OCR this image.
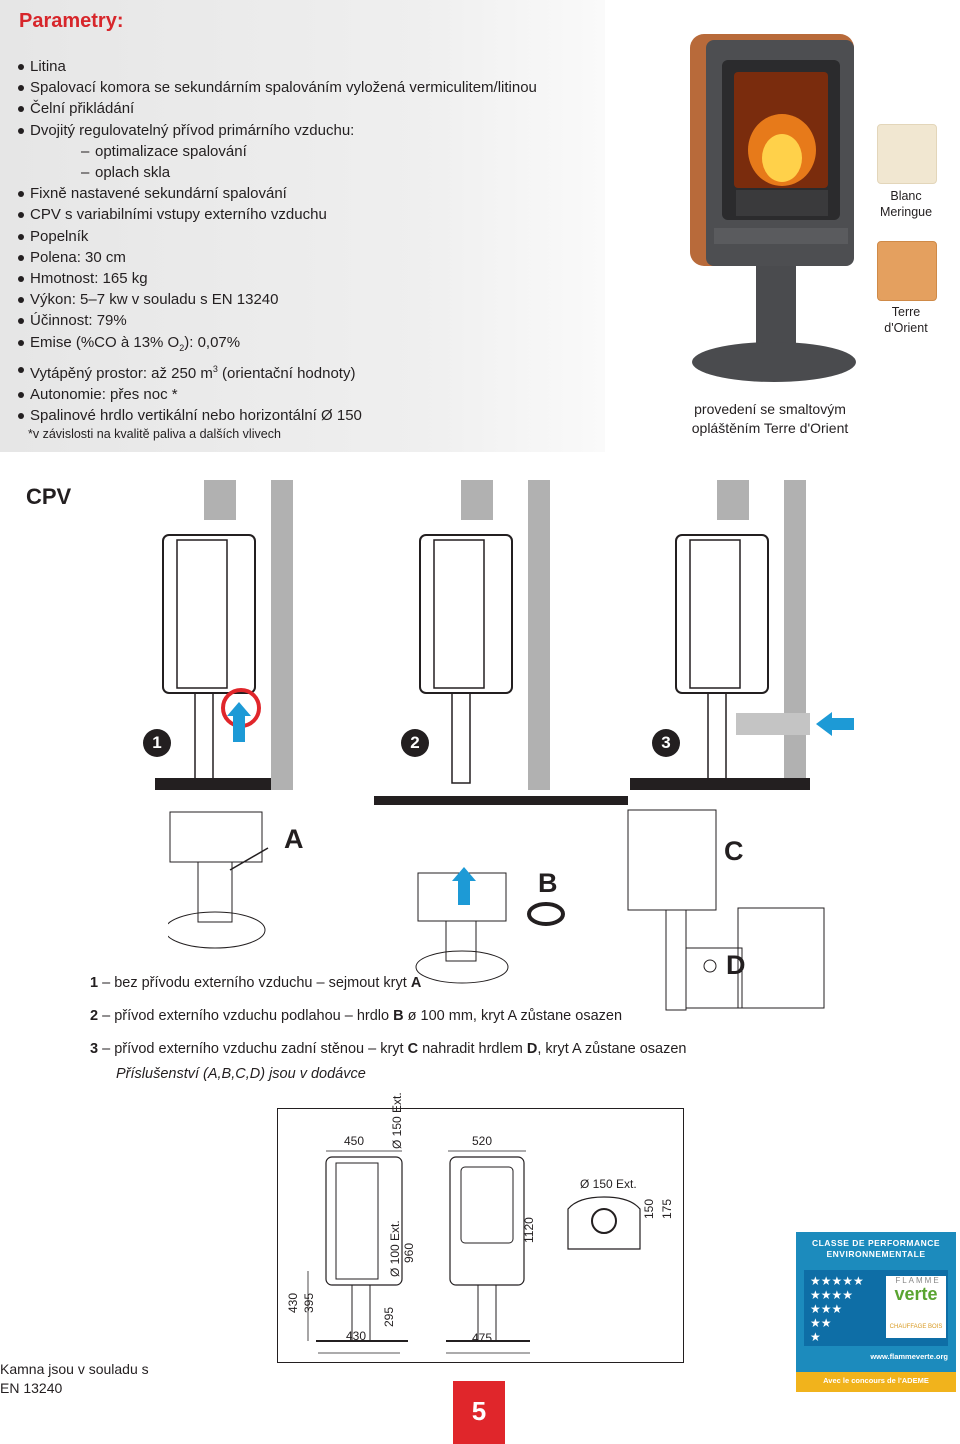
Parametry:
Litina
Spalovací komora se sekundárním spalováním vyložená vermiculitem/litinou
Čelní přikládání
Dvojitý regulovatelný přívod primárního vzduchu:
– optimalizace spalování
– oplach skla
Fixně nastavené sekundární spalování
CPV s variabilními vstupy externího vzduchu
Popelník
Polena: 30 cm
Hmotnost: 165 kg
Výkon: 5–7 kw v souladu s EN 13240
Účinnost: 79%
Emise (%CO à 13% $O_2$): 0,07%
Vytápěný prostor: až 250 $m^3$ (orientační hodnoty)
Autonomie: přes noc *
Spalinové hrdlo vertikální nebo horizontální Ø 150
*v závislosti na kvalitě paliva a dalších vlivech
provedení se smaltovým
opláštěním Terre d'Orient
Blanc
Meringue
Terre
d'Orient
CPV
1	2	3
A
B
C
D
1 – bez přívodu externího vzduchu – sejmout kryt A
2 – přívod externího vzduchu podlahou – hrdlo B ø 100 mm, kryt A zůstane osazen
3 – přívod externího vzduchu zadní stěnou – kryt C nahradit hrdlem D, kryt A zůstane osazen
Příslušenství (A,B,C,D) jsou v dodávce
450 Ø 150 Ext.	520
Ø 150 Ext.
150 175
1120
Ø 100 Ext. 960
430 395
295
430	475
Kamna jsou v souladu s
EN 13240
5
CLASSE DE PERFORMANCE
ENVIRONNEMENTALE
★★★★★
★★★★
★★★
★★
★
FLAMME
verte
CHAUFFAGE BOIS
www.flammeverte.org
Avec le concours de l'ADEME
